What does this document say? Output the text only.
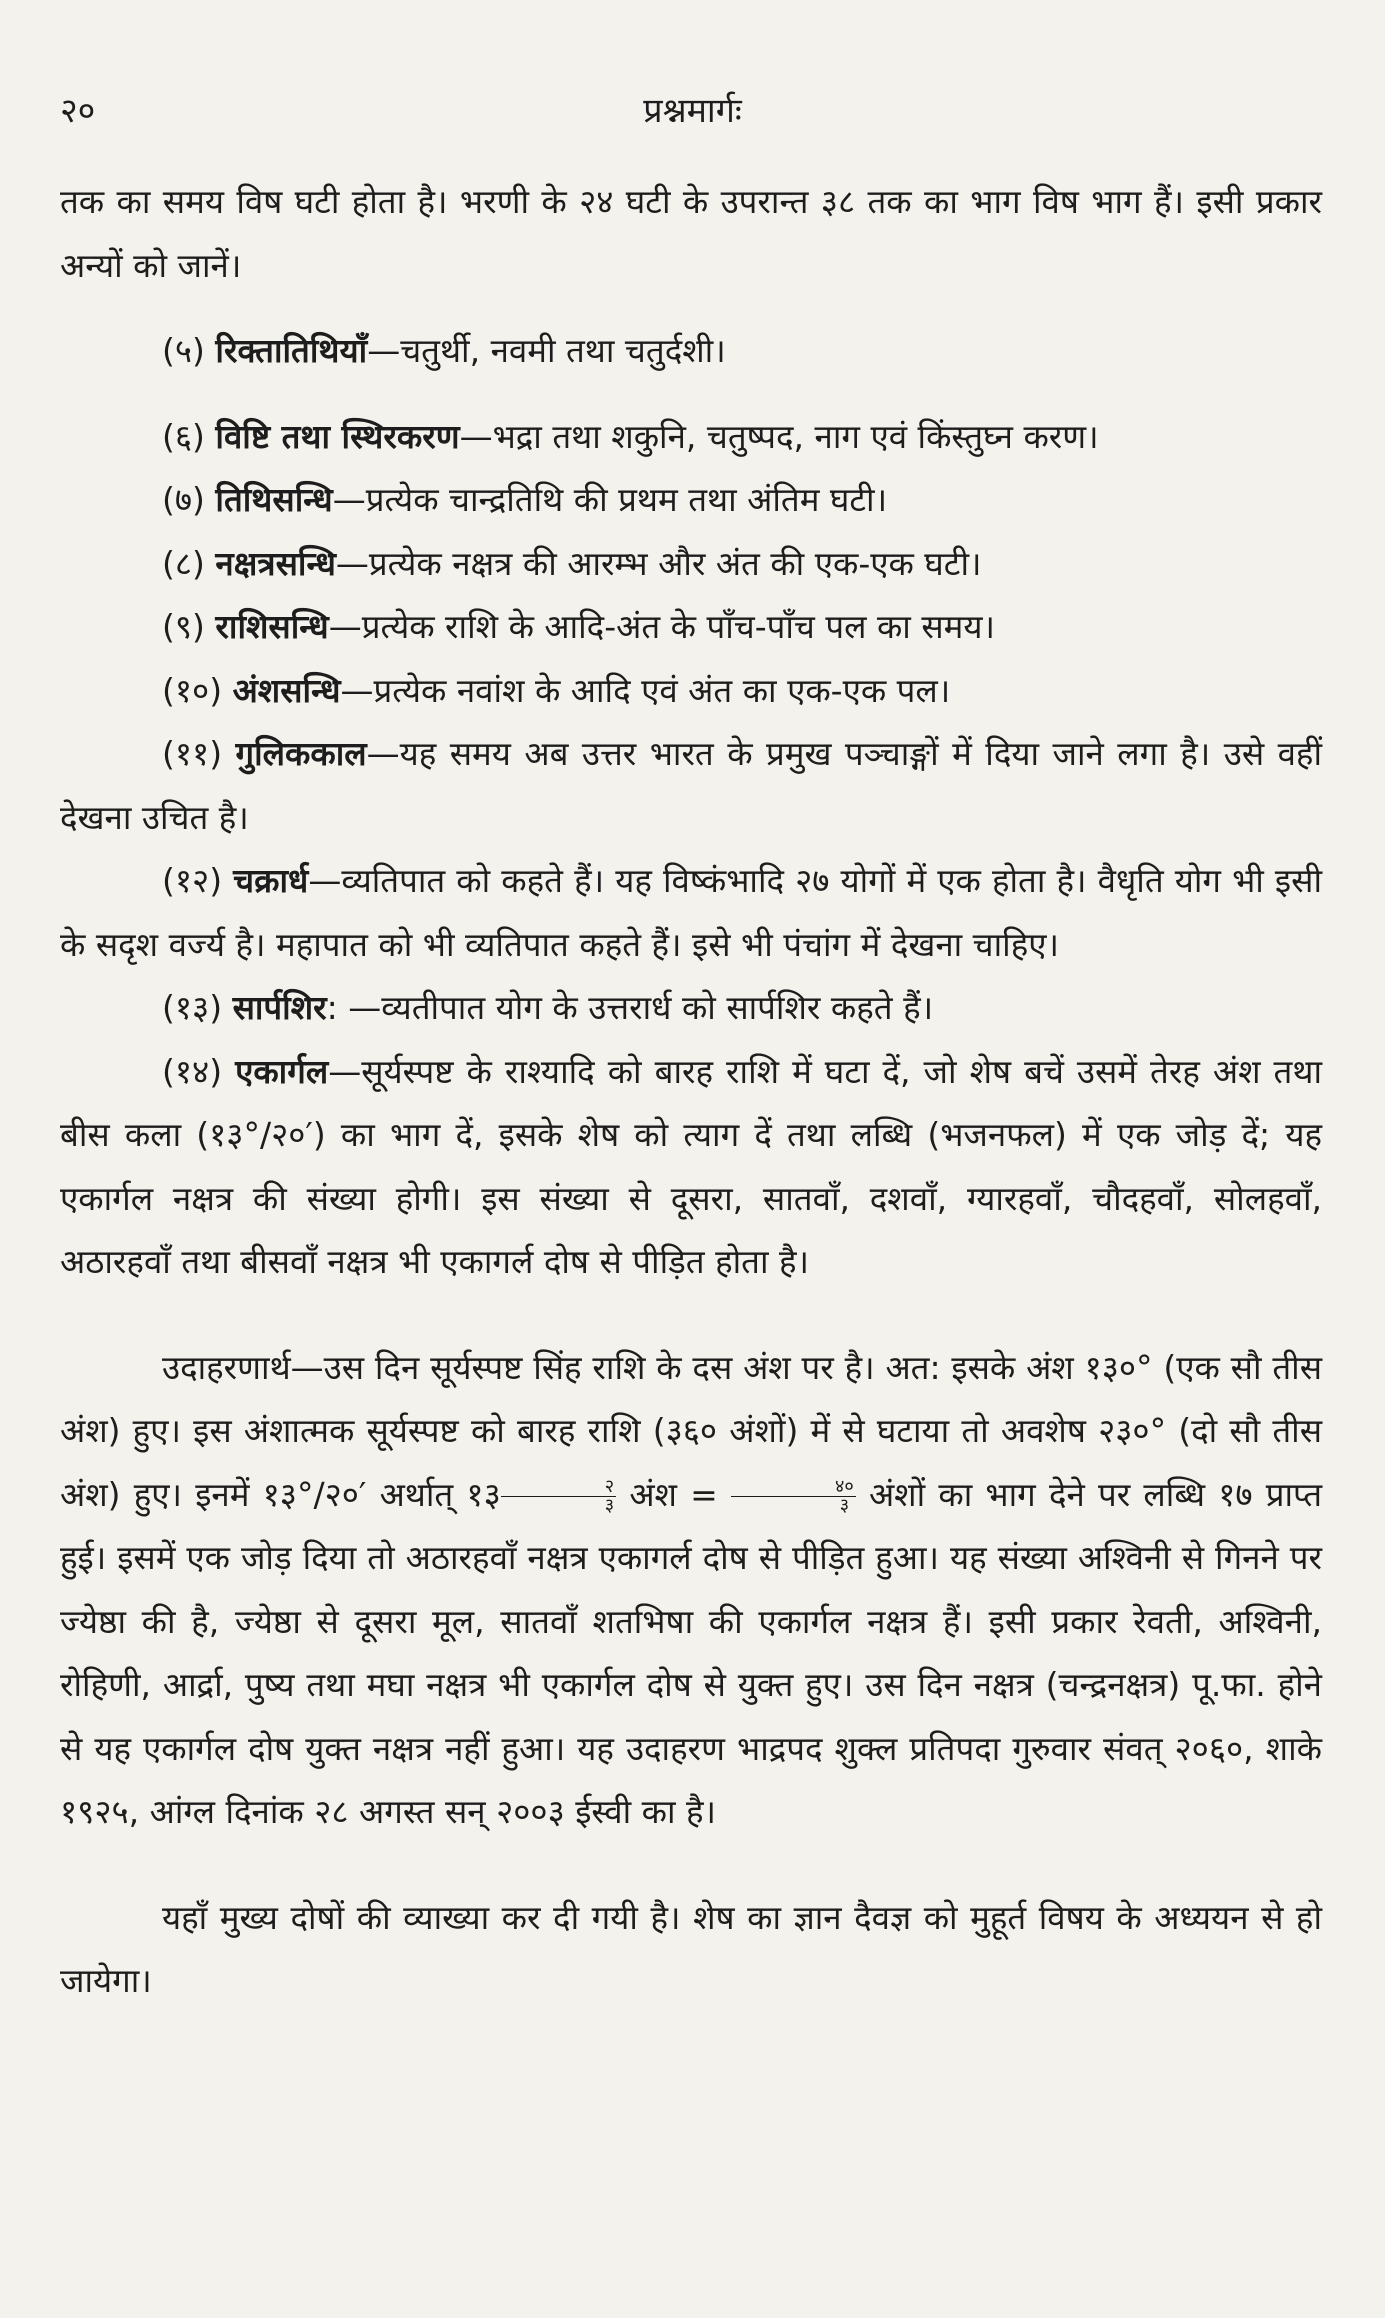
२०	प्रश्नमार्गः

तक का समय विष घटी होता है। भरणी के २४ घटी के उपरान्त ३८ तक का भाग विष भाग हैं। इसी प्रकार अन्यों को जानें।

(५) रिक्तातिथियाँ—चतुर्थी, नवमी तथा चतुर्दशी।

(६) विष्टि तथा स्थिरकरण—भद्रा तथा शकुनि, चतुष्पद, नाग एवं किंस्तुघ्न करण।

(७) तिथिसन्धि—प्रत्येक चान्द्रतिथि की प्रथम तथा अंतिम घटी।

(८) नक्षत्रसन्धि—प्रत्येक नक्षत्र की आरम्भ और अंत की एक-एक घटी।

(९) राशिसन्धि—प्रत्येक राशि के आदि-अंत के पाँच-पाँच पल का समय।

(१०) अंशसन्धि—प्रत्येक नवांश के आदि एवं अंत का एक-एक पल।

(११) गुलिककाल—यह समय अब उत्तर भारत के प्रमुख पञ्चाङ्गों में दिया जाने लगा है। उसे वहीं देखना उचित है।

(१२) चक्रार्ध—व्यतिपात को कहते हैं। यह विष्कंभादि २७ योगों में एक होता है। वैधृति योग भी इसी के सदृश वर्ज्य है। महापात को भी व्यतिपात कहते हैं। इसे भी पंचांग में देखना चाहिए।

(१३) सार्पशिर: —व्यतीपात योग के उत्तरार्ध को सार्पशिर कहते हैं।

(१४) एकार्गल—सूर्यस्पष्ट के राश्यादि को बारह राशि में घटा दें, जो शेष बचें उसमें तेरह अंश तथा बीस कला (१३°/२०′) का भाग दें, इसके शेष को त्याग दें तथा लब्धि (भजनफल) में एक जोड़ दें; यह एकार्गल नक्षत्र की संख्या होगी। इस संख्या से दूसरा, सातवाँ, दशवाँ, ग्यारहवाँ, चौदहवाँ, सोलहवाँ, अठारहवाँ तथा बीसवाँ नक्षत्र भी एकागर्ल दोष से पीड़ित होता है।

उदाहरणार्थ—उस दिन सूर्यस्पष्ट सिंह राशि के दस अंश पर है। अत: इसके अंश १३०° (एक सौ तीस अंश) हुए। इस अंशात्मक सूर्यस्पष्ट को बारह राशि (३६० अंशों) में से घटाया तो अवशेष २३०° (दो सौ तीस अंश) हुए। इनमें १३°/२०′ अर्थात् १३ $\frac{२}{३}$ अंश = $\frac{४०}{३}$ अंशों का भाग देने पर लब्धि १७ प्राप्त हुई। इसमें एक जोड़ दिया तो अठारहवाँ नक्षत्र एकागर्ल दोष से पीड़ित हुआ। यह संख्या अश्विनी से गिनने पर ज्येष्ठा की है, ज्येष्ठा से दूसरा मूल, सातवाँ शतभिषा की एकार्गल नक्षत्र हैं। इसी प्रकार रेवती, अश्विनी, रोहिणी, आर्द्रा, पुष्य तथा मघा नक्षत्र भी एकार्गल दोष से युक्त हुए। उस दिन नक्षत्र (चन्द्रनक्षत्र) पू.फा. होने से यह एकार्गल दोष युक्त नक्षत्र नहीं हुआ। यह उदाहरण भाद्रपद शुक्ल प्रतिपदा गुरुवार संवत् २०६०, शाके १९२५, आंग्ल दिनांक २८ अगस्त सन् २००३ ईस्वी का है।

यहाँ मुख्य दोषों की व्याख्या कर दी गयी है। शेष का ज्ञान दैवज्ञ को मुहूर्त विषय के अध्ययन से हो जायेगा।
